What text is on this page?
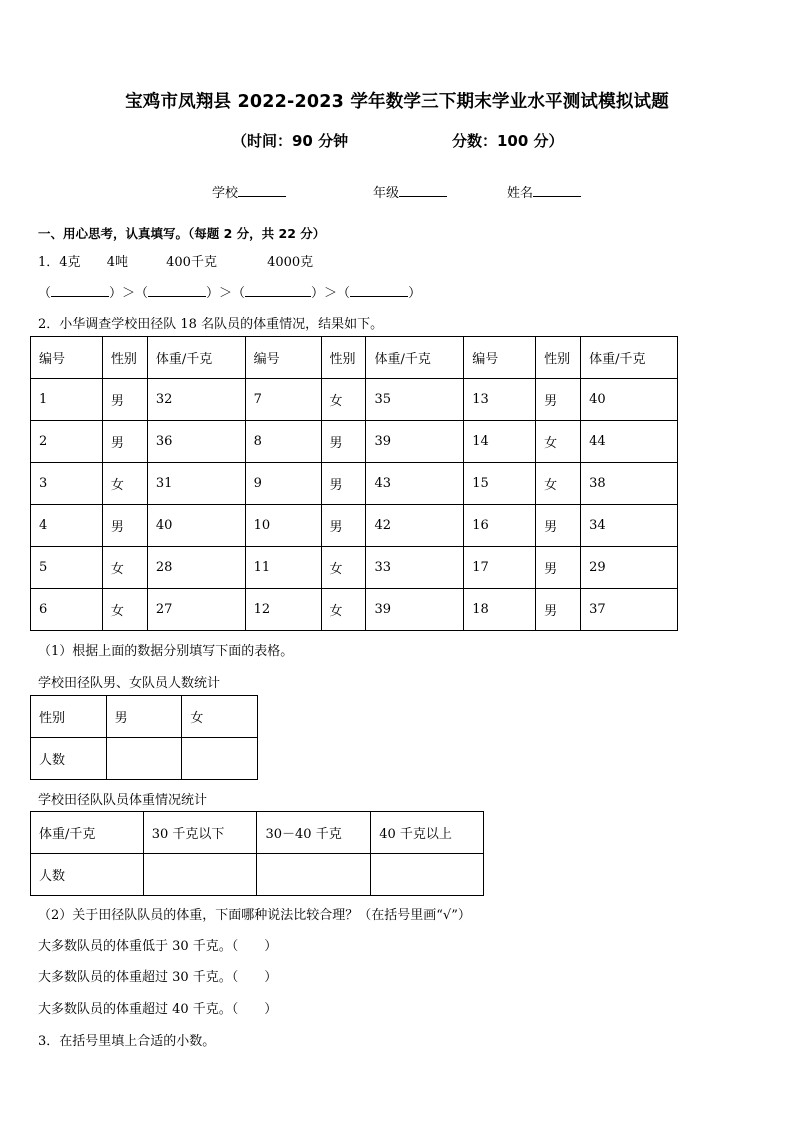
宝鸡市凤翔县 2022-2023 学年数学三下期末学业水平测试模拟试题
（时间：90 分钟	分数：100 分）
学校	年级	姓名
一、用心思考，认真填写。（每题 2 分，共 22 分）
1．4克 4吨	400千克	4000克
（	）＞（	）＞（	）＞（	）
2．小华调查学校田径队 18 名队员的体重情况，结果如下。
编号	性别	体重/千克	编号	性别	体重/千克	编号	性别	体重/千克
1	男	32	7	女	35	13	男	40
2	男	36	8	男	39	14	女	44
3	女	31	9	男	43	15	女	38
4	男	40	10	男	42	16	男	34
5	女	28	11	女	33	17	男	29
6	女	27	12	女	39	18	男	37
（1）根据上面的数据分别填写下面的表格。
学校田径队男、女队员人数统计
性别	男	女
人数		
学校田径队队员体重情况统计
体重/千克	30 千克以下	30－40 千克	40 千克以上
人数			
（2）关于田径队队员的体重，下面哪种说法比较合理？（在括号里画“√”）
大多数队员的体重低于 30 千克。（　　）
大多数队员的体重超过 30 千克。（　　）
大多数队员的体重超过 40 千克。（　　）
3．在括号里填上合适的小数。
